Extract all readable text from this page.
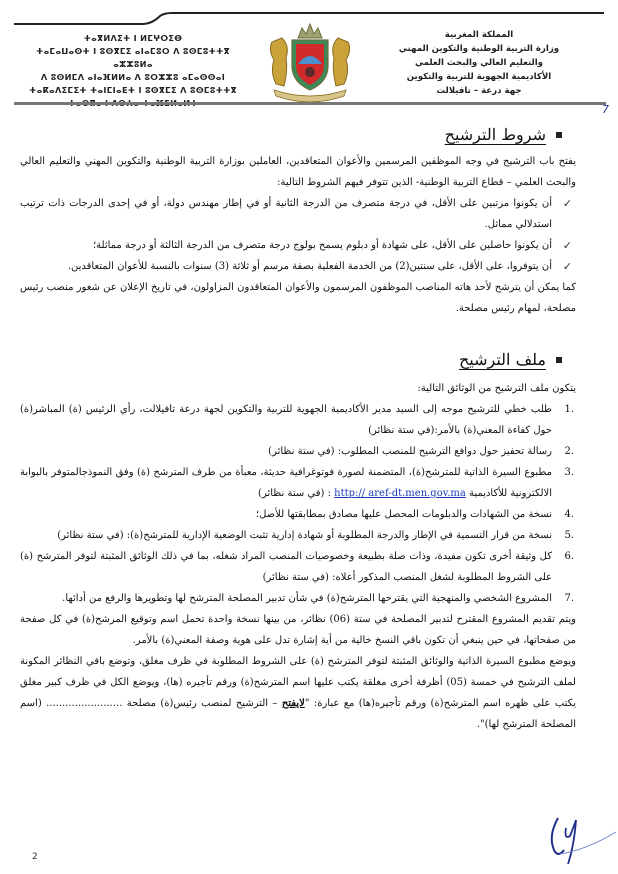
ⵜⴰⴳⵍⴷⵉⵜ ⵏ ⵍⵎⵖⵔⵉⴱ
ⵜⴰⵎⴰⵡⴰⵙⵜ ⵏ ⵓⵙⴳⵎⵉ ⴰⵏⴰⵎⵓⵔ ⴷ ⵓⵙⵎⵓⵜⵜⴳ ⴰⵣⵣⵓⵍⴰ
ⴷ ⵓⵙⵍⵎⴷ ⴰⵏⴰⴼⵍⵍⴰ ⴷ ⵓⵔⵣⵣⵓ ⴰⵎⴰⵙⵙⴰⵏ
ⵜⴰⴽⴰⴷⵉⵎⵉⵜ ⵜⴰⵏⵎⵏⴰⴹⵜ ⵏ ⵓⵙⴳⵎⵉ ⴷ ⵓⵙⵎⵓⵜⵜⴳ
المملكة المغربية
وزارة التربية الوطنية والتكوين المهني
والتعليم العالي والبحث العلمي
الأكاديمية الجهوية للتربية والتكوين
جهة درعة – تافيلالت
7
شروط الترشيح

يفتح باب الترشيح في وجه الموظفين المرسمين والأعوان المتعاقدين، العاملين بوزارة التربية الوطنية والتكوين المهني والتعليم العالي والبحث العلمي – قطاع التربية الوطنية- الذين تتوفر فيهم الشروط التالية:

✓
أن يكونوا مرتبين على الأقل، في درجة متصرف من الدرجة الثانية أو في إطار مهندس دولة، أو في إحدى الدرجات ذات ترتيب استدلالي مماثل.
✓
أن يكونوا حاصلين على الأقل، على شهادة أو دبلوم يسمح بولوج درجة متصرف من الدرجة الثالثة أو درجة مماثلة؛
✓
أن يتوفروا، على الأقل، على سنتين(2) من الخدمة الفعلية بصفة مرسم أو ثلاثة (3) سنوات بالنسبة للأعوان المتعاقدين.

كما يمكن أن يترشح لأحد هاته المناصب الموظفون المرسمون والأعوان المتعاقدون المزاولون، في تاريخ الإعلان عن شغور منصب رئيس مصلحة، لمهام رئيس مصلحة.

ملف الترشيح

يتكون ملف الترشيح من الوثائق التالية:

1.
طلب خطي للترشيح موجه إلى السيد مدير الأكاديمية الجهوية للتربية والتكوين لجهة درعة تافيلالت، رأي الرئيس (ة) المباشر(ة) حول كفاءة المعني(ة) بالأمر:(في ستة نظائر)
2.
رسالة تحفيز حول دوافع الترشيح للمنصب المطلوب: (في ستة نظائر)
3.
مطبوع السيرة الذاتية للمترشح(ة)، المتضمنة لصورة فوتوغرافية حديثة، معبأة من طرف المترشح (ة) وفق النموذجالمتوفر بالبوابة الالكترونية للأكاديمية http:// aref-dt.men.gov.ma : (في ستة نظائر)
4.
نسخة من الشهادات والدبلومات المحصل عليها مصادق بمطابقتها للأصل؛
5.
نسخة من قرار التسمية في الإطار والدرجة المطلوبة أو شهادة إدارية تثبت الوضعية الإدارية للمترشح(ة): (في ستة نظائر)
6.
كل وثيقة أخرى تكون مفيدة، وذات صلة بطبيعة وخصوصيات المنصب المراد شغله، بما في ذلك الوثائق المثبتة لتوفر المترشح (ة) على الشروط المطلوبة لشغل المنصب المذكور أعلاه: (في ستة نظائر)
7.
المشروع الشخصي والمنهجية التي يقترحها المترشح(ة) في شأن تدبير المصلحة المترشح لها وتطويرها والرفع من أدائها.

ويتم تقديم المشروع المقترح لتدبير المصلحة في ستة (06) نظائر، من بينها نسخة واحدة تحمل اسم وتوقيع المرشح(ة) في كل صفحة من صفحاتها، في حين ينبغي أن تكون باقي النسخ خالية من أية إشارة تدل على هوية وصفة المعني(ة) بالأمر.

ويوضع مطبوع السيرة الذاتية والوثائق المثبتة لتوفر المترشح (ة) على الشروط المطلوبة في ظرف مغلق، وتوضع باقي النظائر المكونة لملف الترشيح في خمسة (05) أظرفة أخرى مغلقة يكتب عليها اسم المترشح(ة) ورقم تأجيره (ها)، ويوضع الكل في ظرف كبير مغلق يكتب على ظهره اسم المترشح(ة) ورقم تأجيره(ها) مع عبارة: "لايفتح – الترشيح لمنصب رئيس(ة) مصلحة ........................ (اسم المصلحة المترشح لها)".

2
